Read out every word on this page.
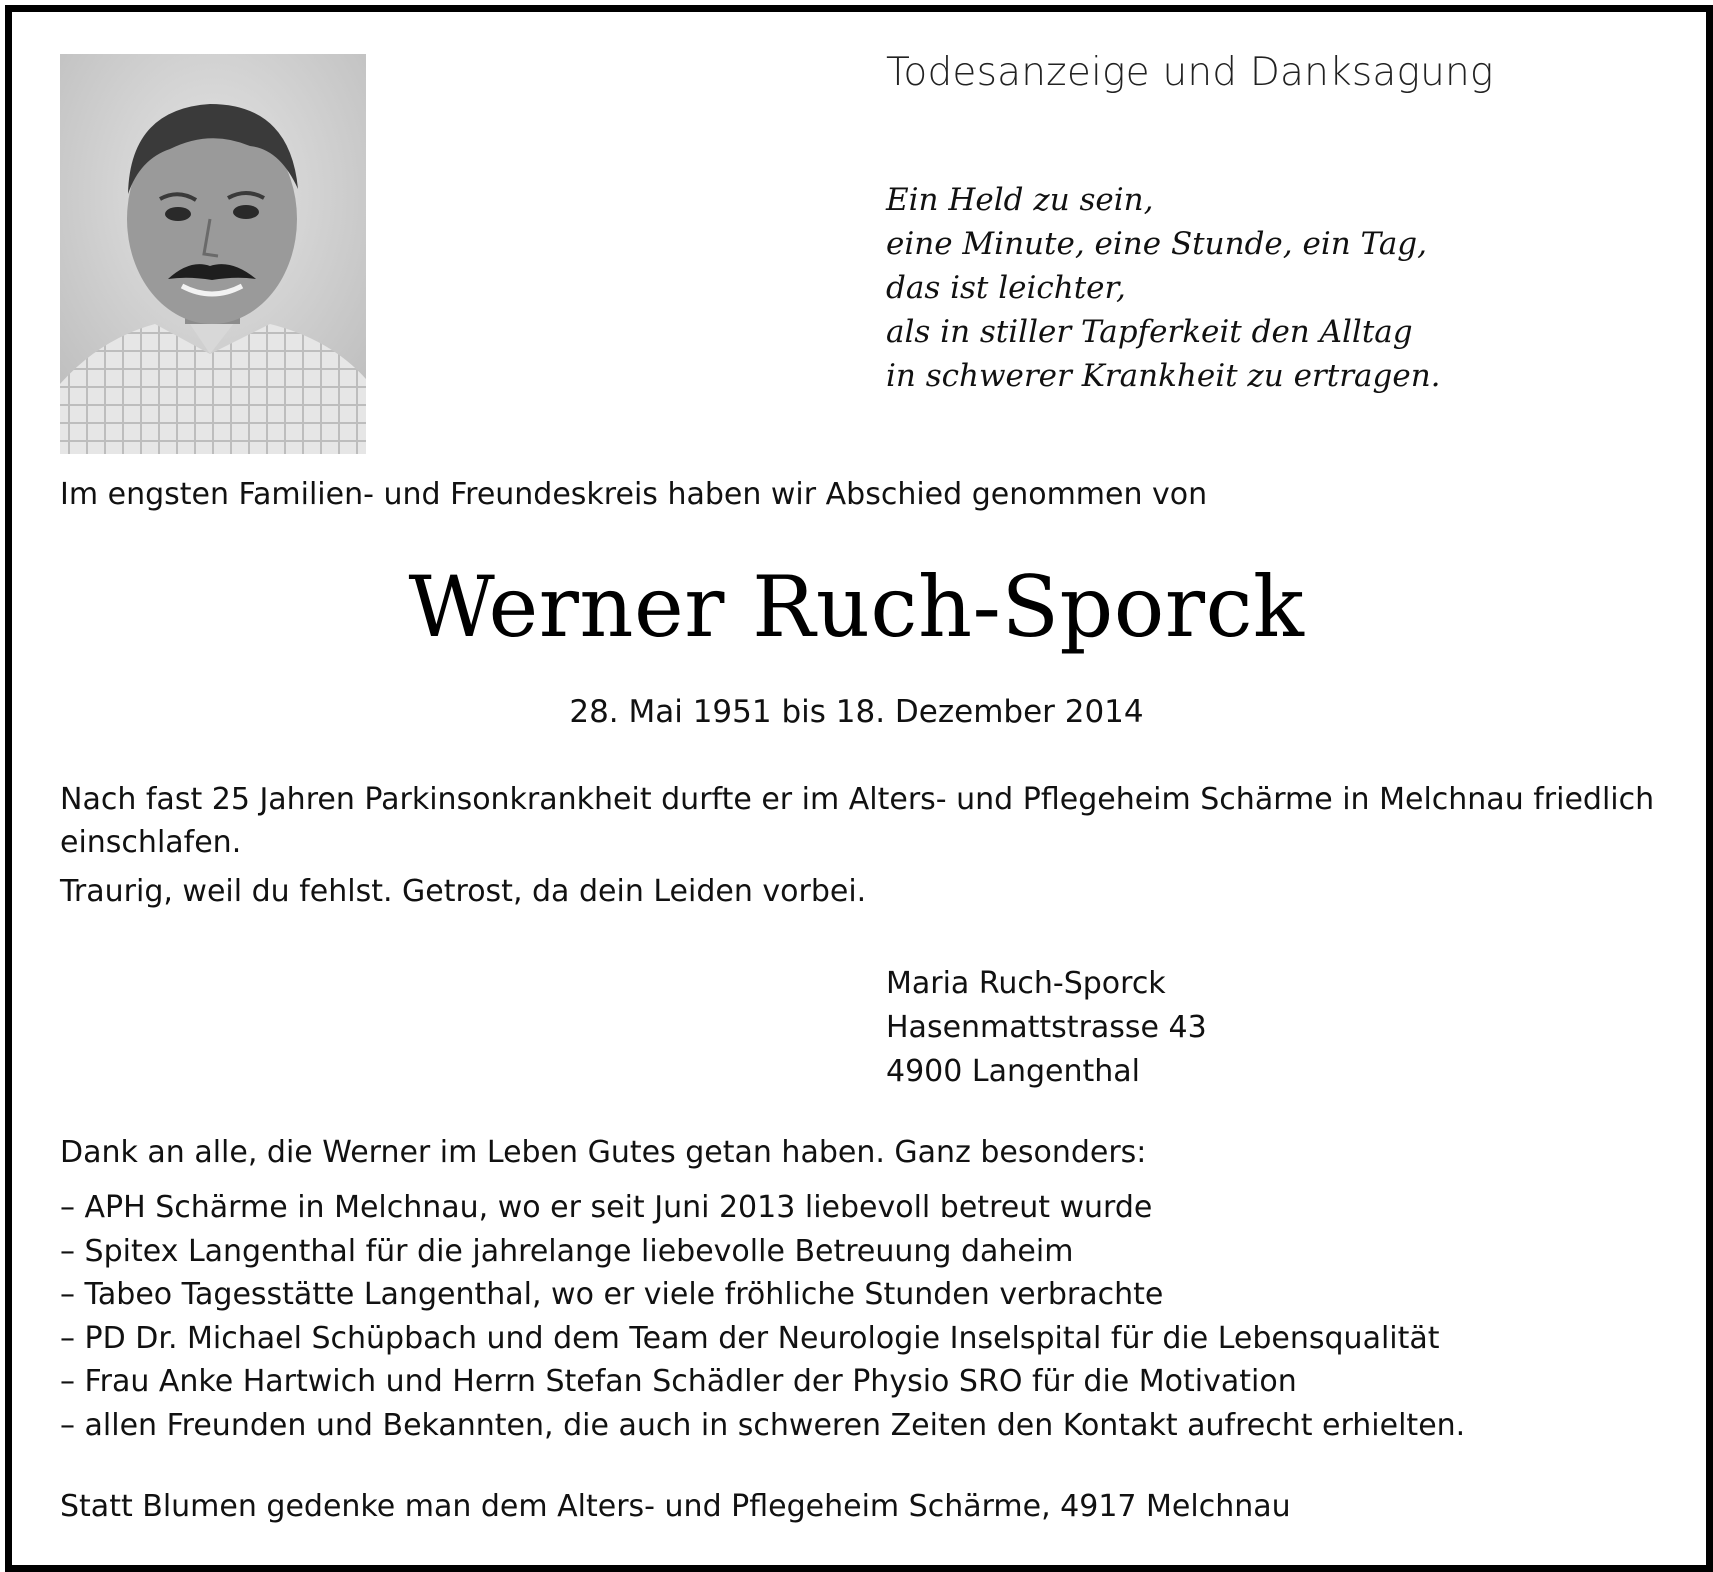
Todesanzeige und Danksagung
Ein Held zu sein,
eine Minute, eine Stunde, ein Tag,
das ist leichter,
als in stiller Tapferkeit den Alltag
in schwerer Krankheit zu ertragen.
Im engsten Familien- und Freundeskreis haben wir Abschied genommen von
Werner Ruch-Sporck
28. Mai 1951 bis 18. Dezember 2014
Nach fast 25 Jahren Parkinsonkrankheit durfte er im Alters- und Pflegeheim Schärme in Melchnau friedlich einschlafen.
Traurig, weil du fehlst. Getrost, da dein Leiden vorbei.
Maria Ruch-Sporck
Hasenmattstrasse 43
4900 Langenthal
Dank an alle, die Werner im Leben Gutes getan haben. Ganz besonders:
– APH Schärme in Melchnau, wo er seit Juni 2013 liebevoll betreut wurde
– Spitex Langenthal für die jahrelange liebevolle Betreuung daheim
– Tabeo Tagesstätte Langenthal, wo er viele fröhliche Stunden verbrachte
– PD Dr. Michael Schüpbach und dem Team der Neurologie Inselspital für die Lebensqualität
– Frau Anke Hartwich und Herrn Stefan Schädler der Physio SRO für die Motivation
– allen Freunden und Bekannten, die auch in schweren Zeiten den Kontakt aufrecht erhielten.
Statt Blumen gedenke man dem Alters- und Pflegeheim Schärme, 4917 Melchnau
